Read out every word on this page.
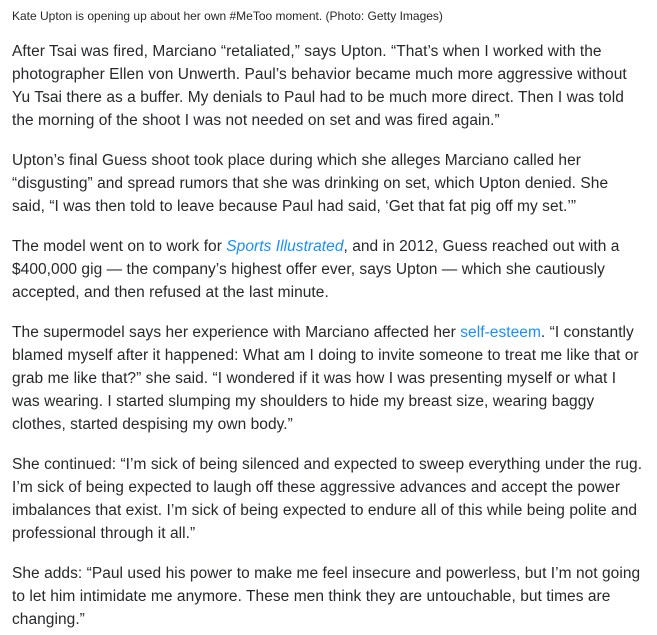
Kate Upton is opening up about her own #MeToo moment. (Photo: Getty Images)

After Tsai was fired, Marciano “retaliated,” says Upton. “That’s when I worked with the photographer Ellen von Unwerth. Paul’s behavior became much more aggressive without Yu Tsai there as a buffer. My denials to Paul had to be much more direct. Then I was told the morning of the shoot I was not needed on set and was fired again.”

Upton’s final Guess shoot took place during which she alleges Marciano called her “disgusting” and spread rumors that she was drinking on set, which Upton denied. She said, “I was then told to leave because Paul had said, ‘Get that fat pig off my set.’”

The model went on to work for Sports Illustrated, and in 2012, Guess reached out with a $400,000 gig — the company’s highest offer ever, says Upton — which she cautiously accepted, and then refused at the last minute.

The supermodel says her experience with Marciano affected her self-esteem. “I constantly blamed myself after it happened: What am I doing to invite someone to treat me like that or grab me like that?” she said. “I wondered if it was how I was presenting myself or what I was wearing. I started slumping my shoulders to hide my breast size, wearing baggy clothes, started despising my own body.”

She continued: “I’m sick of being silenced and expected to sweep everything under the rug. I’m sick of being expected to laugh off these aggressive advances and accept the power imbalances that exist. I’m sick of being expected to endure all of this while being polite and professional through it all.”

She adds: “Paul used his power to make me feel insecure and powerless, but I’m not going to let him intimidate me anymore. These men think they are untouchable, but times are changing.”
